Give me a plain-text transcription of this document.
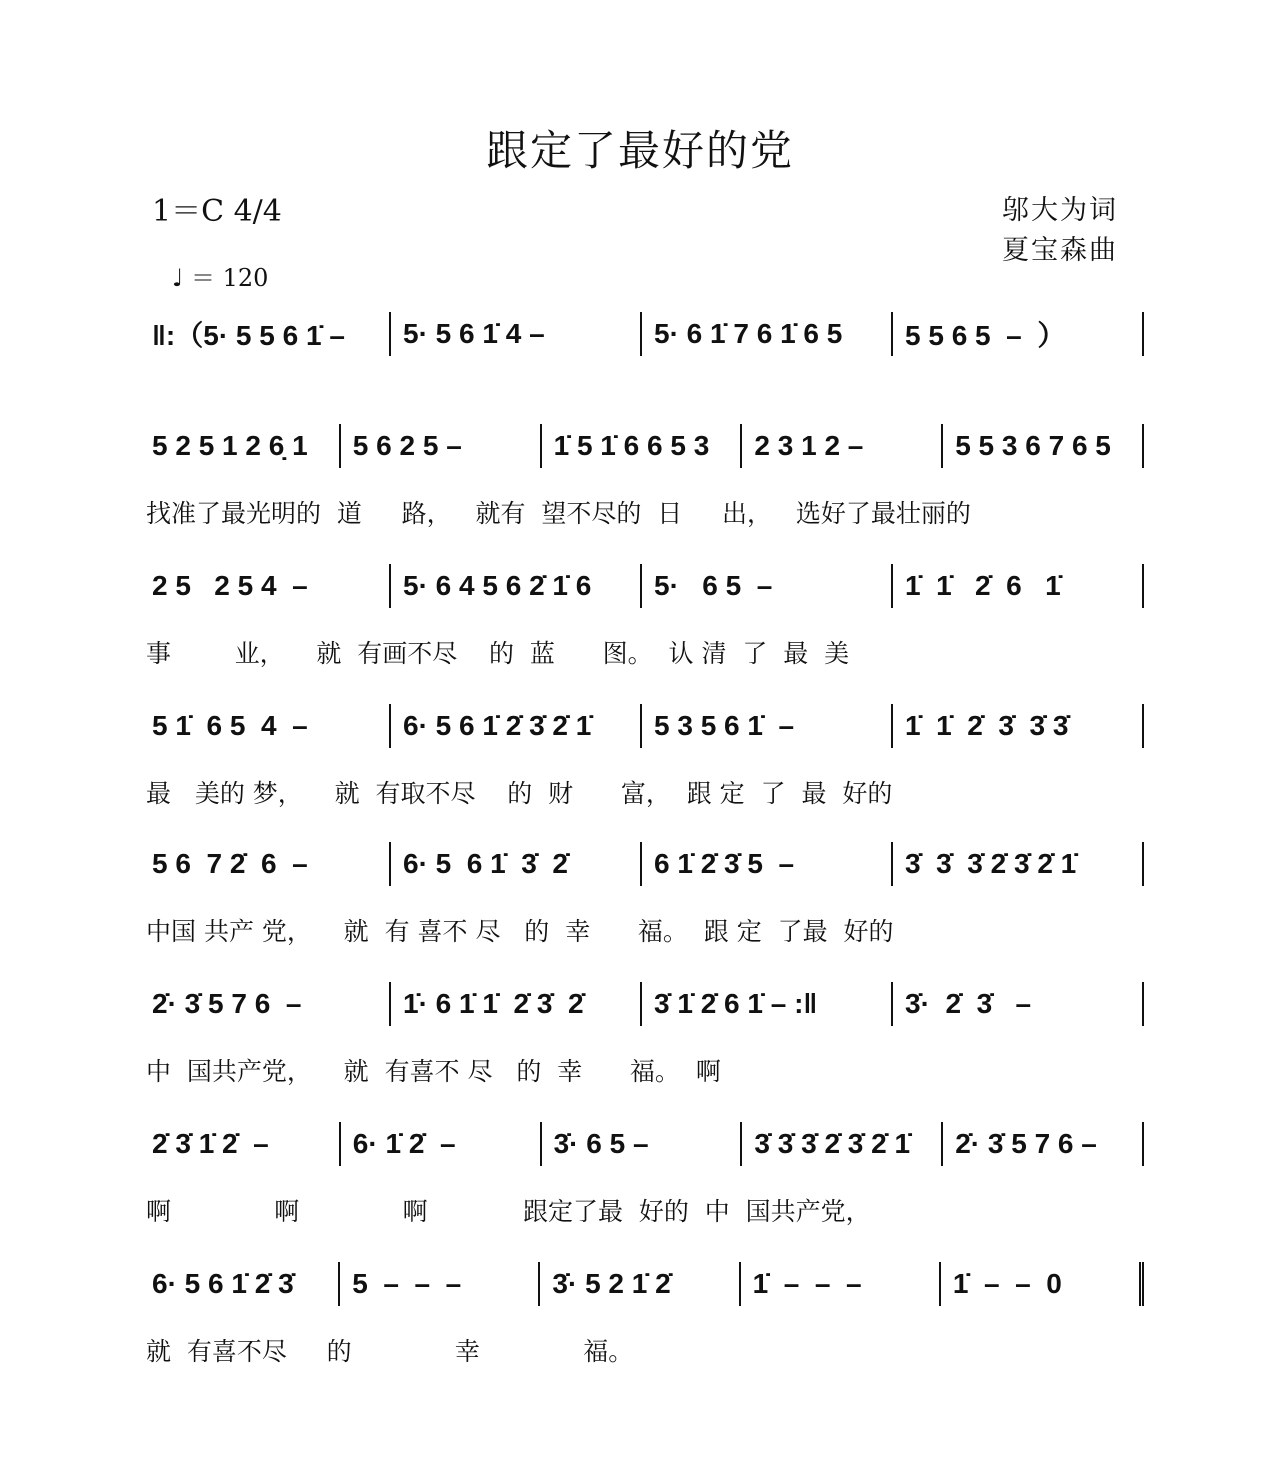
跟定了最好的党
1＝C 4/4
♩ ＝ 120
邬大为词
夏宝森曲
‖:（5· 5 5 6 1̇ –	5· 5 6 1̇ 4 –	5· 6 1̇ 7 6 1̇ 6 5	5 5 6 5  –  ）
5 2 5 1 2 6̣ 1	5 6 2 5 –	1̇ 5 1̇ 6 6 5 3	2 3 1 2 –	5 5 3 6 7 6 5
找准了最光明的  道     路，   就有  望不尽的  日     出，   选好了最壮丽的
2 5   2 5 4  –	5· 6 4 5 6 2̇ 1̇ 6	5·   6 5  –	1̇  1̇   2̇  6   1̇
事        业，    就  有画不尽    的  蓝      图。  认 清  了  最  美
5 1̇  6 5  4  –	6· 5 6 1̇ 2̇ 3̇ 2̇ 1̇	5 3 5 6 1̇  –	1̇  1̇  2̇  3̇  3̇ 3̇
最   美的 梦，    就  有取不尽    的  财      富，  跟 定  了  最  好的
5 6  7 2̇  6  –	6· 5  6 1̇  3̇  2̇	6 1̇ 2̇ 3̇ 5  –	3̇  3̇  3̇ 2̇ 3̇ 2̇ 1̇
中国 共产 党，    就  有 喜不 尽   的  幸      福。  跟 定  了最  好的
2̇· 3̇ 5 7 6  –	1̇· 6 1̇ 1̇  2̇ 3̇  2̇	3̇ 1̇ 2̇ 6 1̇ – :‖	3̇·  2̇  3̇   –
中  国共产党，    就  有喜不 尽   的  幸      福。  啊
2̇ 3̇ 1̇ 2̇  –	6· 1̇ 2̇  –	3̇· 6 5 –	3̇ 3̇ 3̇ 2̇ 3̇ 2̇ 1̇	2̇· 3̇ 5 7 6 –
啊             啊             啊            跟定了最  好的  中  国共产党，
6· 5 6 1̇ 2̇ 3̇	5  –  –  –	3̇· 5 2 1̇ 2̇	1̇  –  –  –	1̇  –  –  0
就  有喜不尽     的             幸             福。
